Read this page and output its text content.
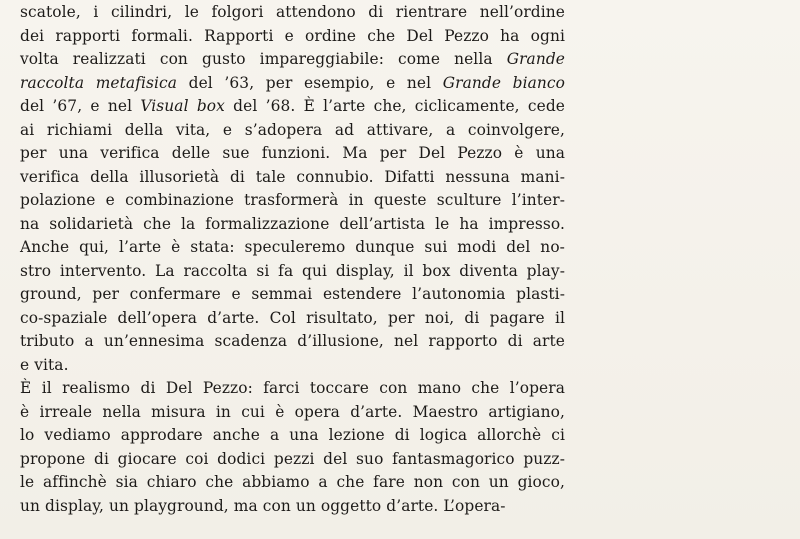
scatole, i cilindri, le folgori attendono di rientrare nell’ordine
dei rapporti formali. Rapporti e ordine che Del Pezzo ha ogni
volta realizzati con gusto impareggiabile: come nella Grande
raccolta metafisica del ’63, per esempio, e nel Grande bianco
del ’67, e nel Visual box del ’68. È l’arte che, ciclicamente, cede
ai richiami della vita, e s’adopera ad attivare, a coinvolgere,
per una verifica delle sue funzioni. Ma per Del Pezzo è una
verifica della illusorietà di tale connubio. Difatti nessuna mani-
polazione e combinazione trasformerà in queste sculture l’inter-
na solidarietà che la formalizzazione dell’artista le ha impresso.
Anche qui, l’arte è stata: speculeremo dunque sui modi del no-
stro intervento. La raccolta si fa qui display, il box diventa play-
ground, per confermare e semmai estendere l’autonomia plasti-
co-spaziale dell’opera d’arte. Col risultato, per noi, di pagare il
tributo a un’ennesima scadenza d’illusione, nel rapporto di arte
e vita.
È il realismo di Del Pezzo: farci toccare con mano che l’opera
è irreale nella misura in cui è opera d’arte. Maestro artigiano,
lo vediamo approdare anche a una lezione di logica allorchè ci
propone di giocare coi dodici pezzi del suo fantasmagorico puzz-
le affinchè sia chiaro che abbiamo a che fare non con un gioco,
un display, un playground, ma con un oggetto d’arte. L’opera-
